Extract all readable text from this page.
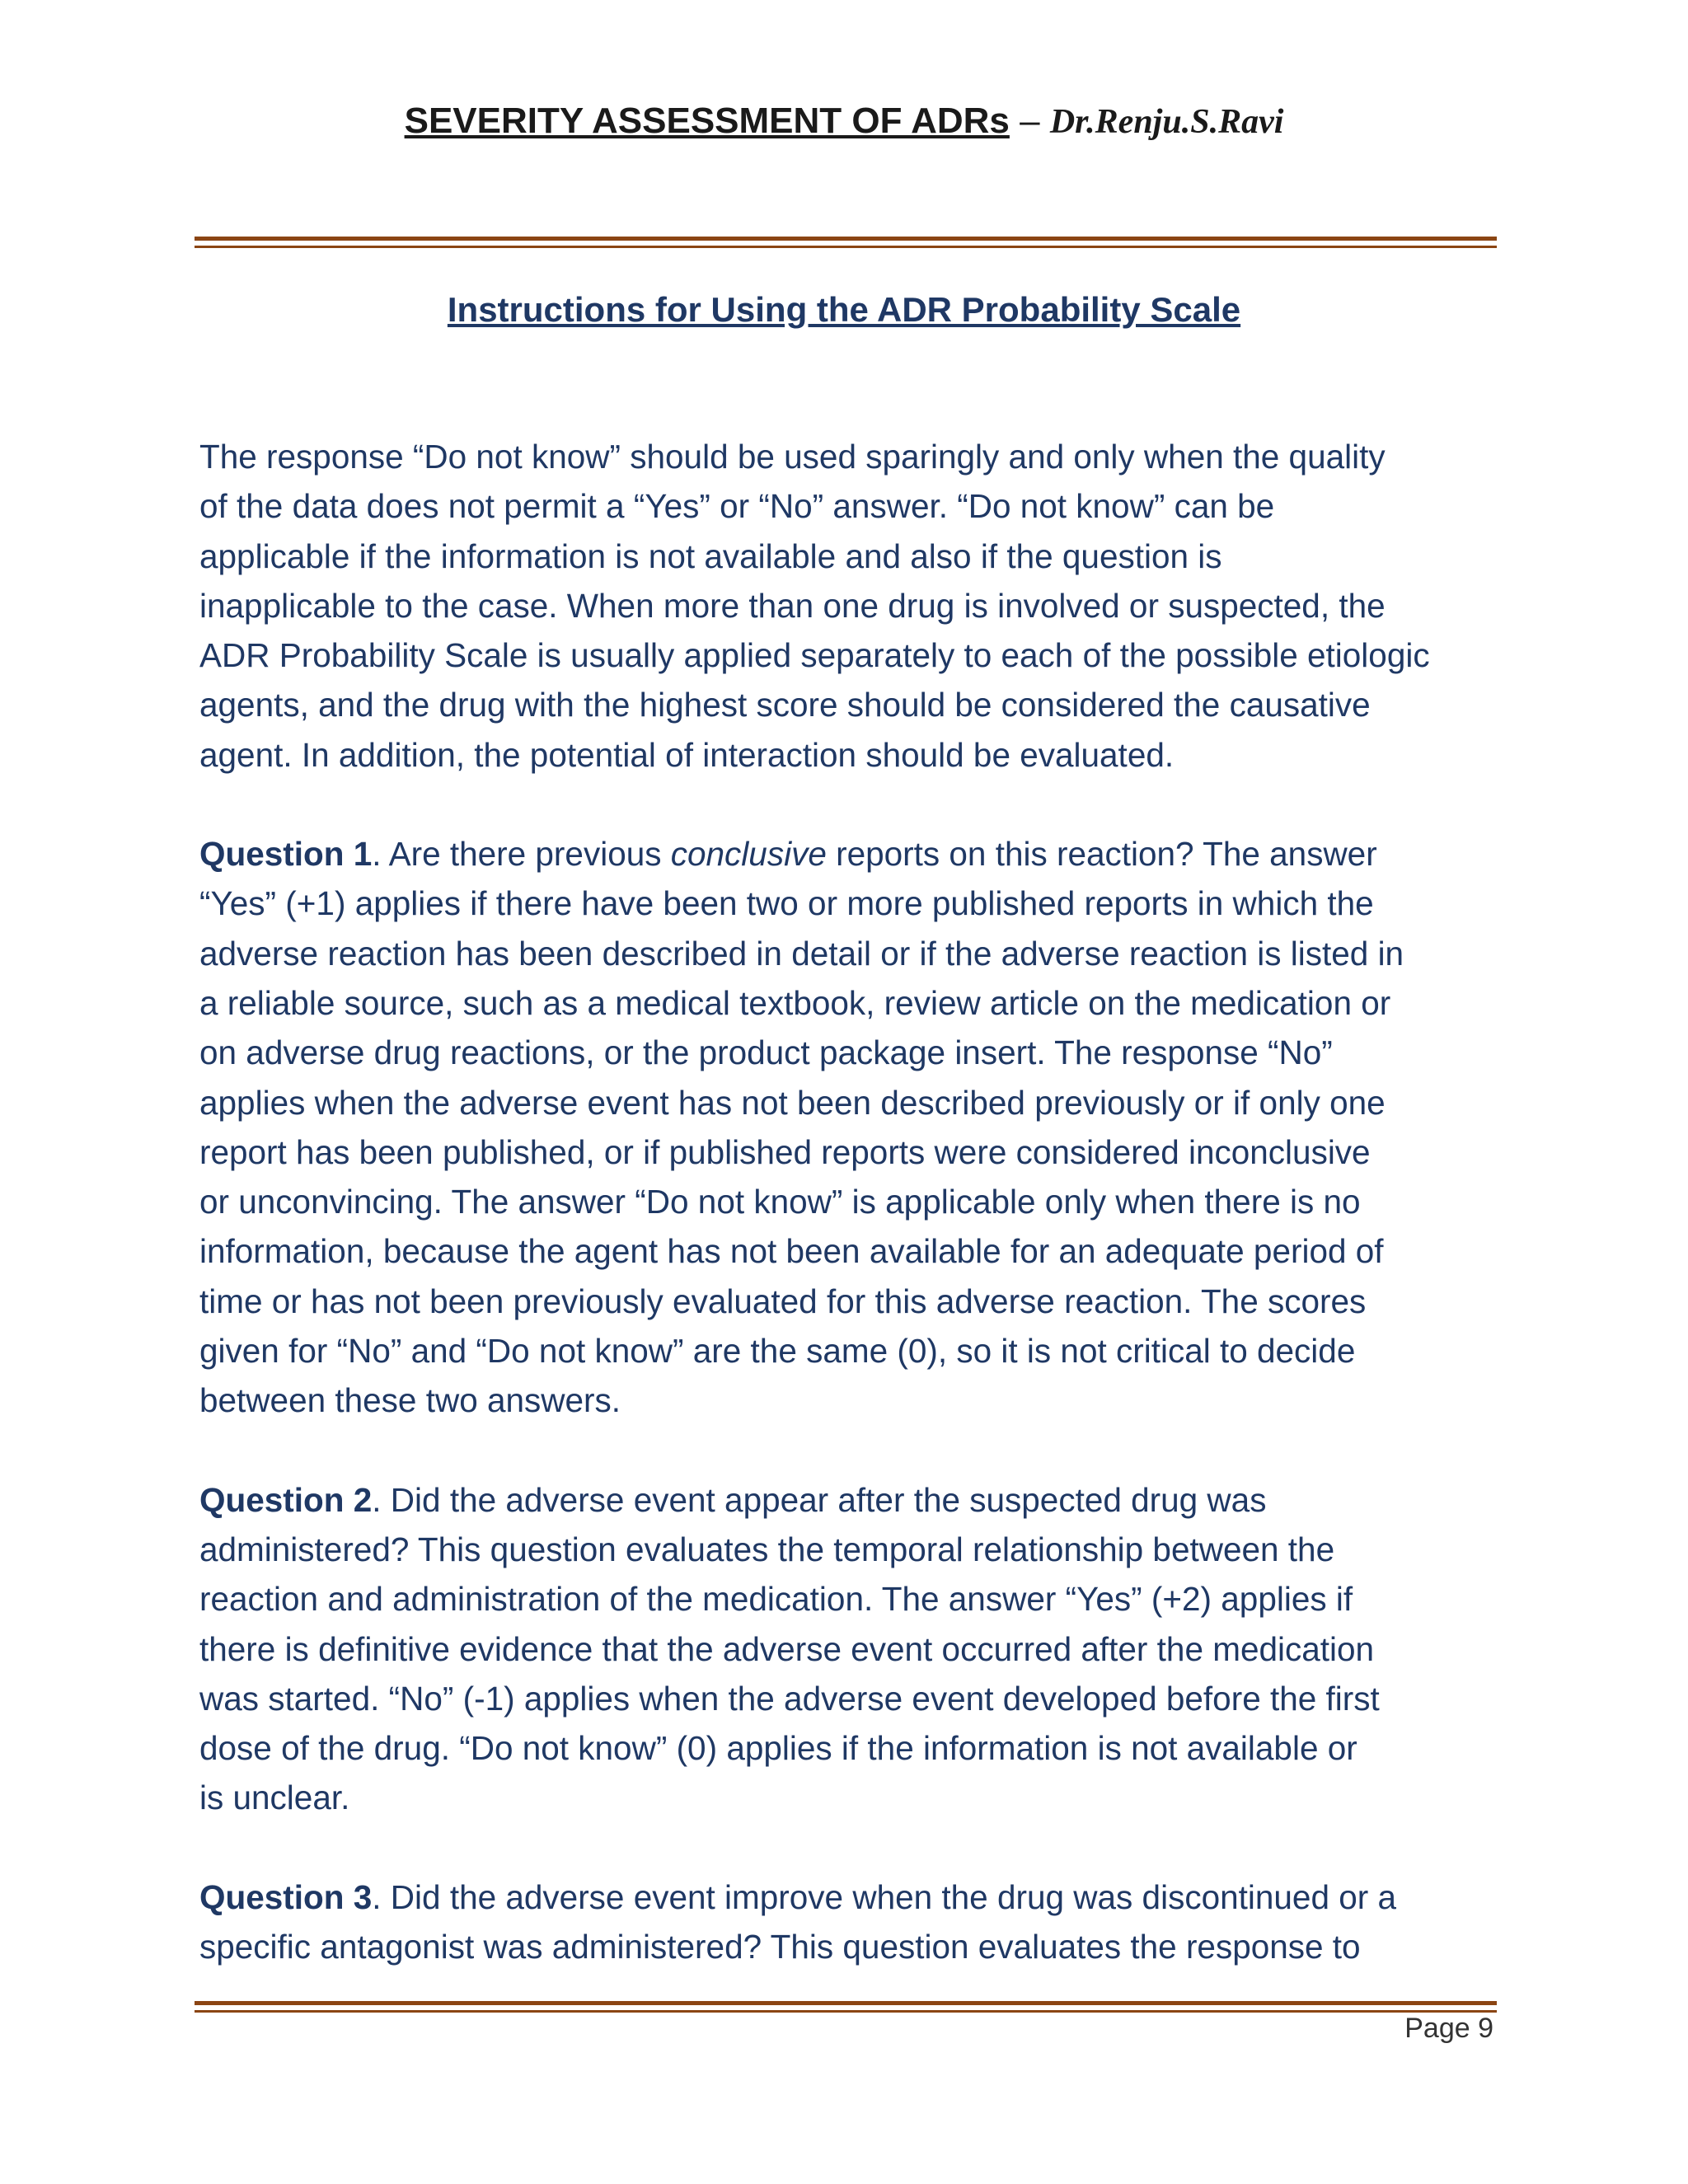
SEVERITY ASSESSMENT OF ADRs – Dr.Renju.S.Ravi
Instructions for Using the ADR Probability Scale

The response “Do not know” should be used sparingly and only when the quality
of the data does not permit a “Yes” or “No” answer. “Do not know” can be
applicable if the information is not available and also if the question is
inapplicable to the case. When more than one drug is involved or suspected, the
ADR Probability Scale is usually applied separately to each of the possible etiologic
agents, and the drug with the highest score should be considered the causative
agent. In addition, the potential of interaction should be evaluated.

Question 1. Are there previous conclusive reports on this reaction? The answer
“Yes” (+1) applies if there have been two or more published reports in which the
adverse reaction has been described in detail or if the adverse reaction is listed in
a reliable source, such as a medical textbook, review article on the medication or
on adverse drug reactions, or the product package insert. The response “No”
applies when the adverse event has not been described previously or if only one
report has been published, or if published reports were considered inconclusive
or unconvincing. The answer “Do not know” is applicable only when there is no
information, because the agent has not been available for an adequate period of
time or has not been previously evaluated for this adverse reaction. The scores
given for “No” and “Do not know” are the same (0), so it is not critical to decide
between these two answers.

Question 2. Did the adverse event appear after the suspected drug was
administered? This question evaluates the temporal relationship between the
reaction and administration of the medication. The answer “Yes” (+2) applies if
there is definitive evidence that the adverse event occurred after the medication
was started. “No” (-1) applies when the adverse event developed before the first
dose of the drug. “Do not know” (0) applies if the information is not available or
is unclear.

Question 3. Did the adverse event improve when the drug was discontinued or a
specific antagonist was administered? This question evaluates the response to

Page 9
